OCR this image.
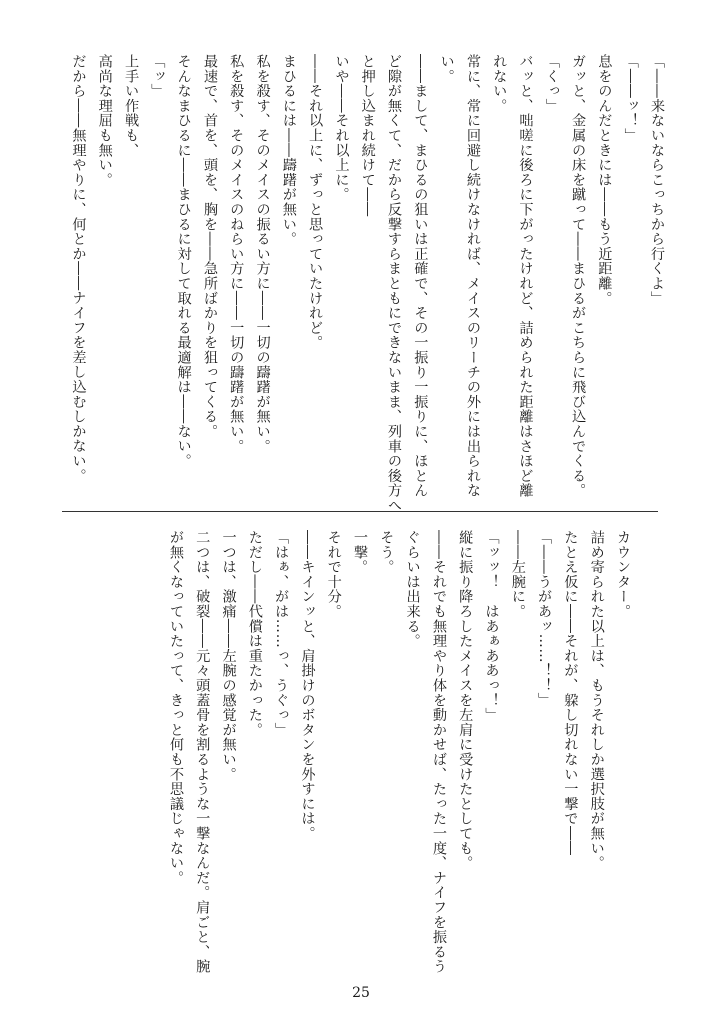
「――来ないならこっちから行くよ」

「――ッ！」

息をのんだときには――もう近距離。

ガッと、金属の床を蹴って――まひるがこちらに飛び込んでくる。

「くっ」

バッと、咄嗟に後ろに下がったけれど、詰められた距離はさほど離

れない。

常に、常に回避し続けなければ、メイスのリーチの外には出られな

い。

――まして、まひるの狙いは正確で、その一振り一振りに、ほとん

ど隙が無くて、だから反撃すらまともにできないまま、列車の後方へ

と押し込まれ続けて――

いや――それ以上に。

――それ以上に、ずっと思っていたけれど。

まひるには――躊躇が無い。

私を殺す、そのメイスの振るい方に――一切の躊躇が無い。

私を殺す、そのメイスのねらい方に――一切の躊躇が無い。

最速で、首を、頭を、胸を――急所ばかりを狙ってくる。

そんなまひるに――まひるに対して取れる最適解は――ない。

「ッ」

上手い作戦も、

高尚な理屈も無い。

だから――無理やりに、何とか――ナイフを差し込むしかない。

カウンター。

詰め寄られた以上は、もうそれしか選択肢が無い。

たとえ仮に――それが、躱し切れない一撃で――

「――うがあッ……！！」

――左腕に。

「ッッ！　はあぁああっ！」

縦に振り降ろしたメイスを左肩に受けたとしても。

――それでも無理やり体を動かせば、たった一度、ナイフを振るう

ぐらいは出来る。

そう。

一撃。

それで十分。

――キインッと、肩掛けのボタンを外すには。

「はぁ、がは……っ、うぐっ」

ただし――代償は重たかった。

一つは、激痛――左腕の感覚が無い。

二つは、破裂――元々頭蓋骨を割るような一撃なんだ。肩ごと、腕

が無くなっていたって、きっと何も不思議じゃない。

25
